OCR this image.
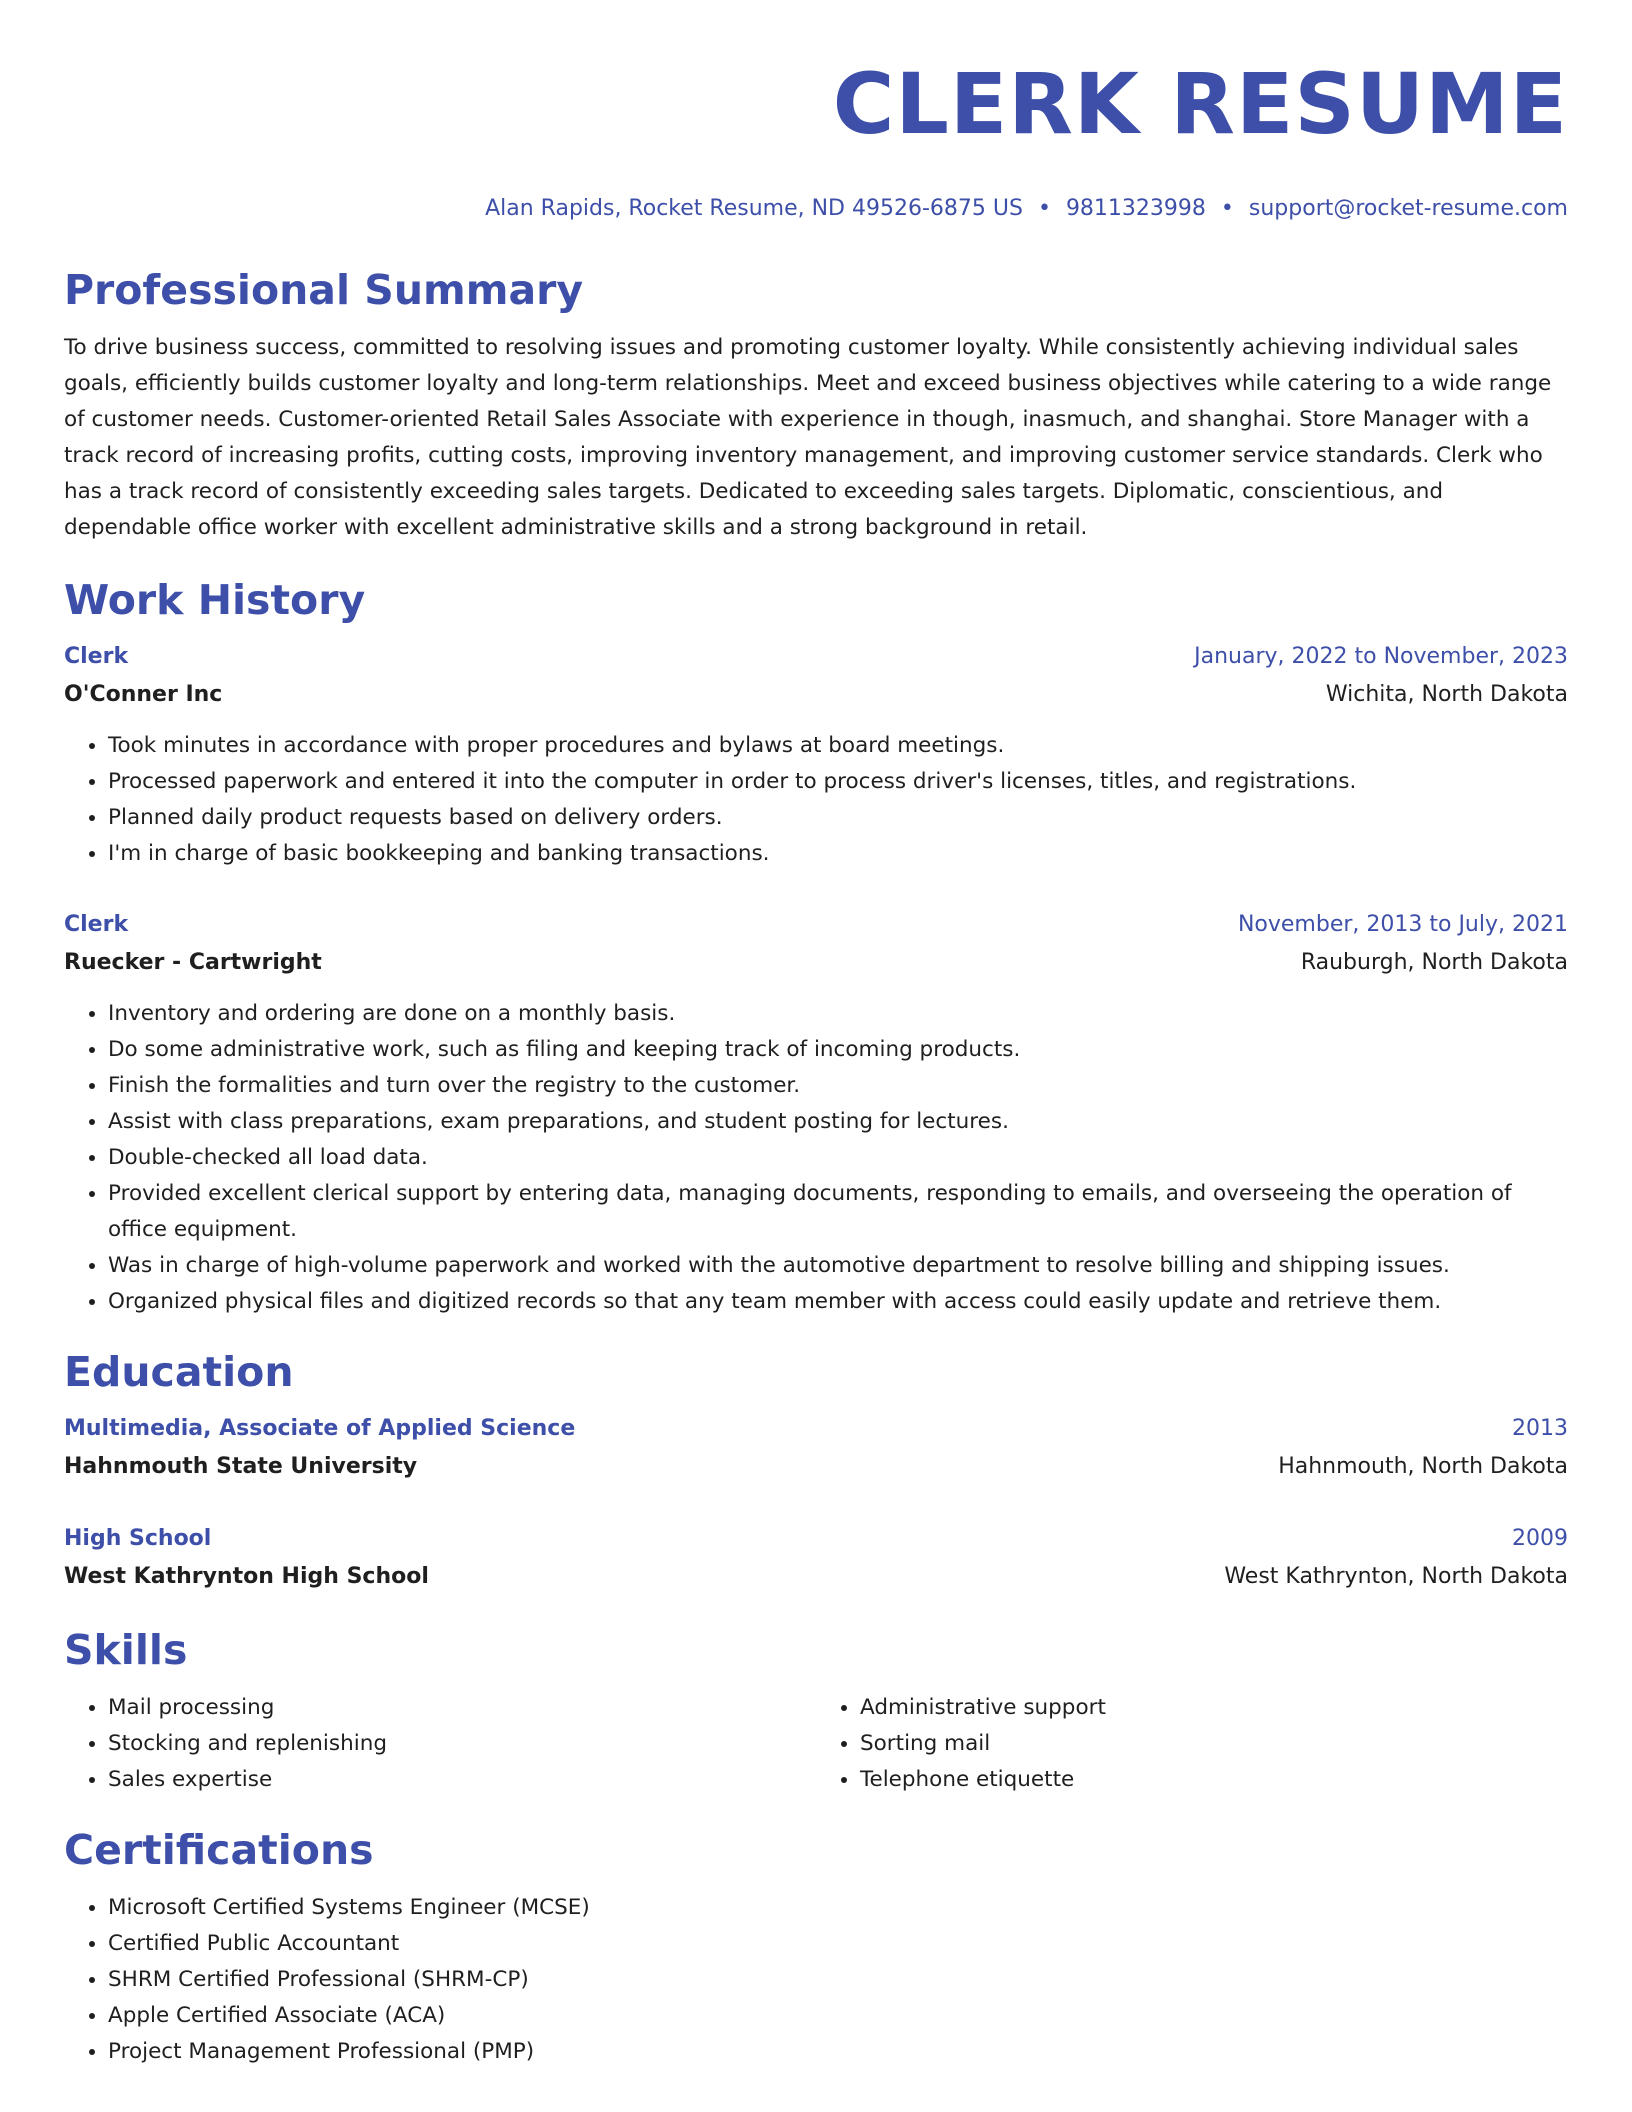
CLERK RESUME
Alan Rapids, Rocket Resume, ND 49526-6875 US • 9811323998 • support@rocket-resume.com
Professional Summary

To drive business success, committed to resolving issues and promoting customer loyalty. While consistently achieving individual sales goals, efficiently builds customer loyalty and long-term relationships. Meet and exceed business objectives while catering to a wide range of customer needs. Customer-oriented Retail Sales Associate with experience in though, inasmuch, and shanghai. Store Manager with a track record of increasing profits, cutting costs, improving inventory management, and improving customer service standards. Clerk who has a track record of consistently exceeding sales targets. Dedicated to exceeding sales targets. Diplomatic, conscientious, and dependable office worker with excellent administrative skills and a strong background in retail.

Work History
Clerk	January, 2022 to November, 2023
O'Conner Inc	Wichita, North Dakota
• Took minutes in accordance with proper procedures and bylaws at board meetings.
• Processed paperwork and entered it into the computer in order to process driver's licenses, titles, and registrations.
• Planned daily product requests based on delivery orders.
• I'm in charge of basic bookkeeping and banking transactions.
Clerk	November, 2013 to July, 2021
Ruecker - Cartwright	Rauburgh, North Dakota
• Inventory and ordering are done on a monthly basis.
• Do some administrative work, such as filing and keeping track of incoming products.
• Finish the formalities and turn over the registry to the customer.
• Assist with class preparations, exam preparations, and student posting for lectures.
• Double-checked all load data.
• Provided excellent clerical support by entering data, managing documents, responding to emails, and overseeing the operation of office equipment.
• Was in charge of high-volume paperwork and worked with the automotive department to resolve billing and shipping issues.
• Organized physical files and digitized records so that any team member with access could easily update and retrieve them.
Education
Multimedia, Associate of Applied Science	2013
Hahnmouth State University	Hahnmouth, North Dakota
High School	2009
West Kathrynton High School	West Kathrynton, North Dakota
Skills
• Mail processing
• Stocking and replenishing
• Sales expertise
• Administrative support
• Sorting mail
• Telephone etiquette
Certifications
• Microsoft Certified Systems Engineer (MCSE)
• Certified Public Accountant
• SHRM Certified Professional (SHRM-CP)
• Apple Certified Associate (ACA)
• Project Management Professional (PMP)
